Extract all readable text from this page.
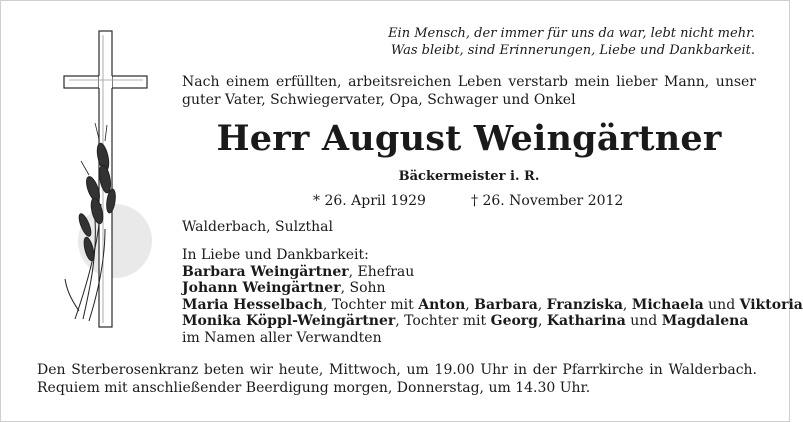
Ein Mensch, der immer für uns da war, lebt nicht mehr.
Was bleibt, sind Erinnerungen, Liebe und Dankbarkeit.
Nach einem erfüllten, arbeitsreichen Leben verstarb mein lieber Mann, unser guter Vater, Schwiegervater, Opa, Schwager und Onkel
Herr August Weingärtner
Bäckermeister i. R.
* 26. April 1929	† 26. November 2012
Walderbach, Sulzthal
In Liebe und Dankbarkeit:
Barbara Weingärtner, Ehefrau
Johann Weingärtner, Sohn
Maria Hesselbach, Tochter mit Anton, Barbara, Franziska, Michaela und Viktoria
Monika Köppl-Weingärtner, Tochter mit Georg, Katharina und Magdalena
im Namen aller Verwandten
Den Sterberosenkranz beten wir heute, Mittwoch, um 19.00 Uhr in der Pfarrkirche in Walderbach. Requiem mit anschließender Beerdigung morgen, Donnerstag, um 14.30 Uhr.
